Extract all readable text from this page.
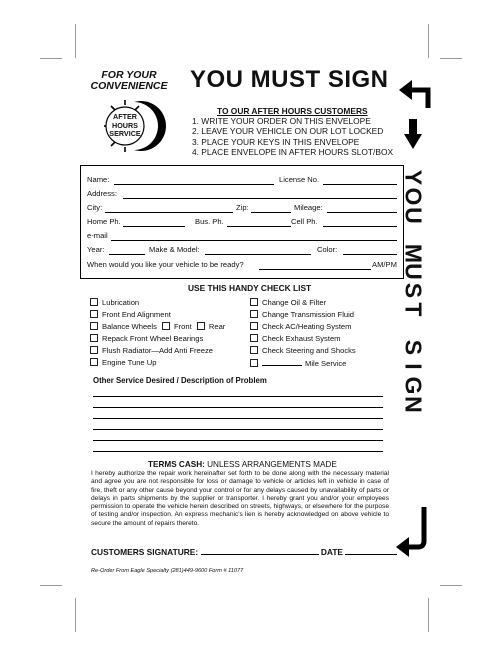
FOR YOUR
CONVENIENCE YOU MUST SIGN
AFTER
HOURS
SERVICE
TO OUR AFTER HOURS CUSTOMERS
1. WRITE YOUR ORDER ON THIS ENVELOPE
2. LEAVE YOUR VEHICLE ON OUR LOT LOCKED
3. PLACE YOUR KEYS IN THIS ENVELOPE
4. PLACE ENVELOPE IN AFTER HOURS SLOT/BOX
Y
O
U
M
U
S
T
S
I
G
N
Name:	License No.
Address:
City:	Zip:	Mileage:
Home Ph.	Bus. Ph.	Cell Ph.
e-mail
Year:	Make & Model:	Color:
When would you like your vehicle to be ready?	AM/PM
USE THIS HANDY CHECK LIST
Lubrication
Front End Alignment
Balance Wheels Front Rear
Repack Front Wheel Bearings
Flush Radiator—Add Anti Freeze
Engine Tune Up
Change Oil & Filter
Change Transmission Fluid
Check AC/Heating System
Check Exhaust System
Check Steering and Shocks
Mile Service
Other Service Desired / Description of Problem
TERMS CASH: UNLESS ARRANGEMENTS MADE
I hereby authorize the repair work hereinafter set forth to be done along with the necessary material and agree you are not responsible for loss or damage to vehicle or articles left in vehicle in case of fire, theft or any other cause beyond your control or for any delays caused by unavailability of parts or delays in parts shipments by the supplier or transporter. I hereby grant you and/or your employees permission to operate the vehicle herein described on streets, highways, or elsewhere for the purpose of testing and/or inspection. An express mechanic's lien is hereby acknowledged on above vehicle to secure the amount of repairs thereto.
CUSTOMERS SIGNATURE:	DATE
Re-Order From Eagle Specialty (281)449-9600 Form # 11077
